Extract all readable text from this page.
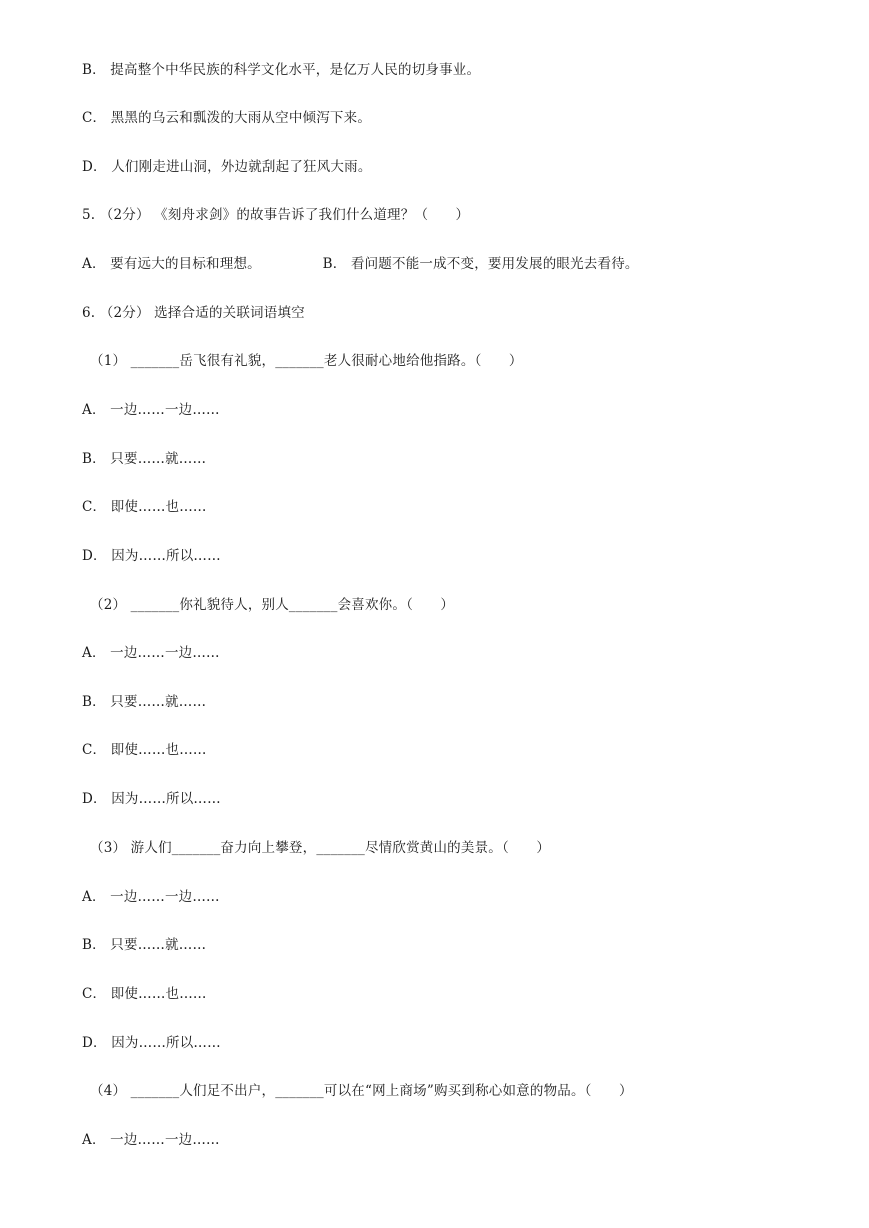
B． 提高整个中华民族的科学文化水平，是亿万人民的切身事业。
C． 黑黑的乌云和瓢泼的大雨从空中倾泻下来。
D． 人们刚走进山洞，外边就刮起了狂风大雨。
5. （2分） 《刻舟求剑》的故事告诉了我们什么道理？（　　）
A． 要有远大的目标和理想。　　　　　B． 看问题不能一成不变，要用发展的眼光去看待。
6. （2分） 选择合适的关联词语填空
（1） _______岳飞很有礼貌，_______老人很耐心地给他指路。（　　）
A． 一边……一边……
B． 只要……就……
C． 即使……也……
D． 因为……所以……
（2） _______你礼貌待人，别人_______会喜欢你。（　　）
A． 一边……一边……
B． 只要……就……
C． 即使……也……
D． 因为……所以……
（3） 游人们_______奋力向上攀登，_______尽情欣赏黄山的美景。（　　）
A． 一边……一边……
B． 只要……就……
C． 即使……也……
D． 因为……所以……
（4） _______人们足不出户，_______可以在“网上商场”购买到称心如意的物品。（　　）
A． 一边……一边……
